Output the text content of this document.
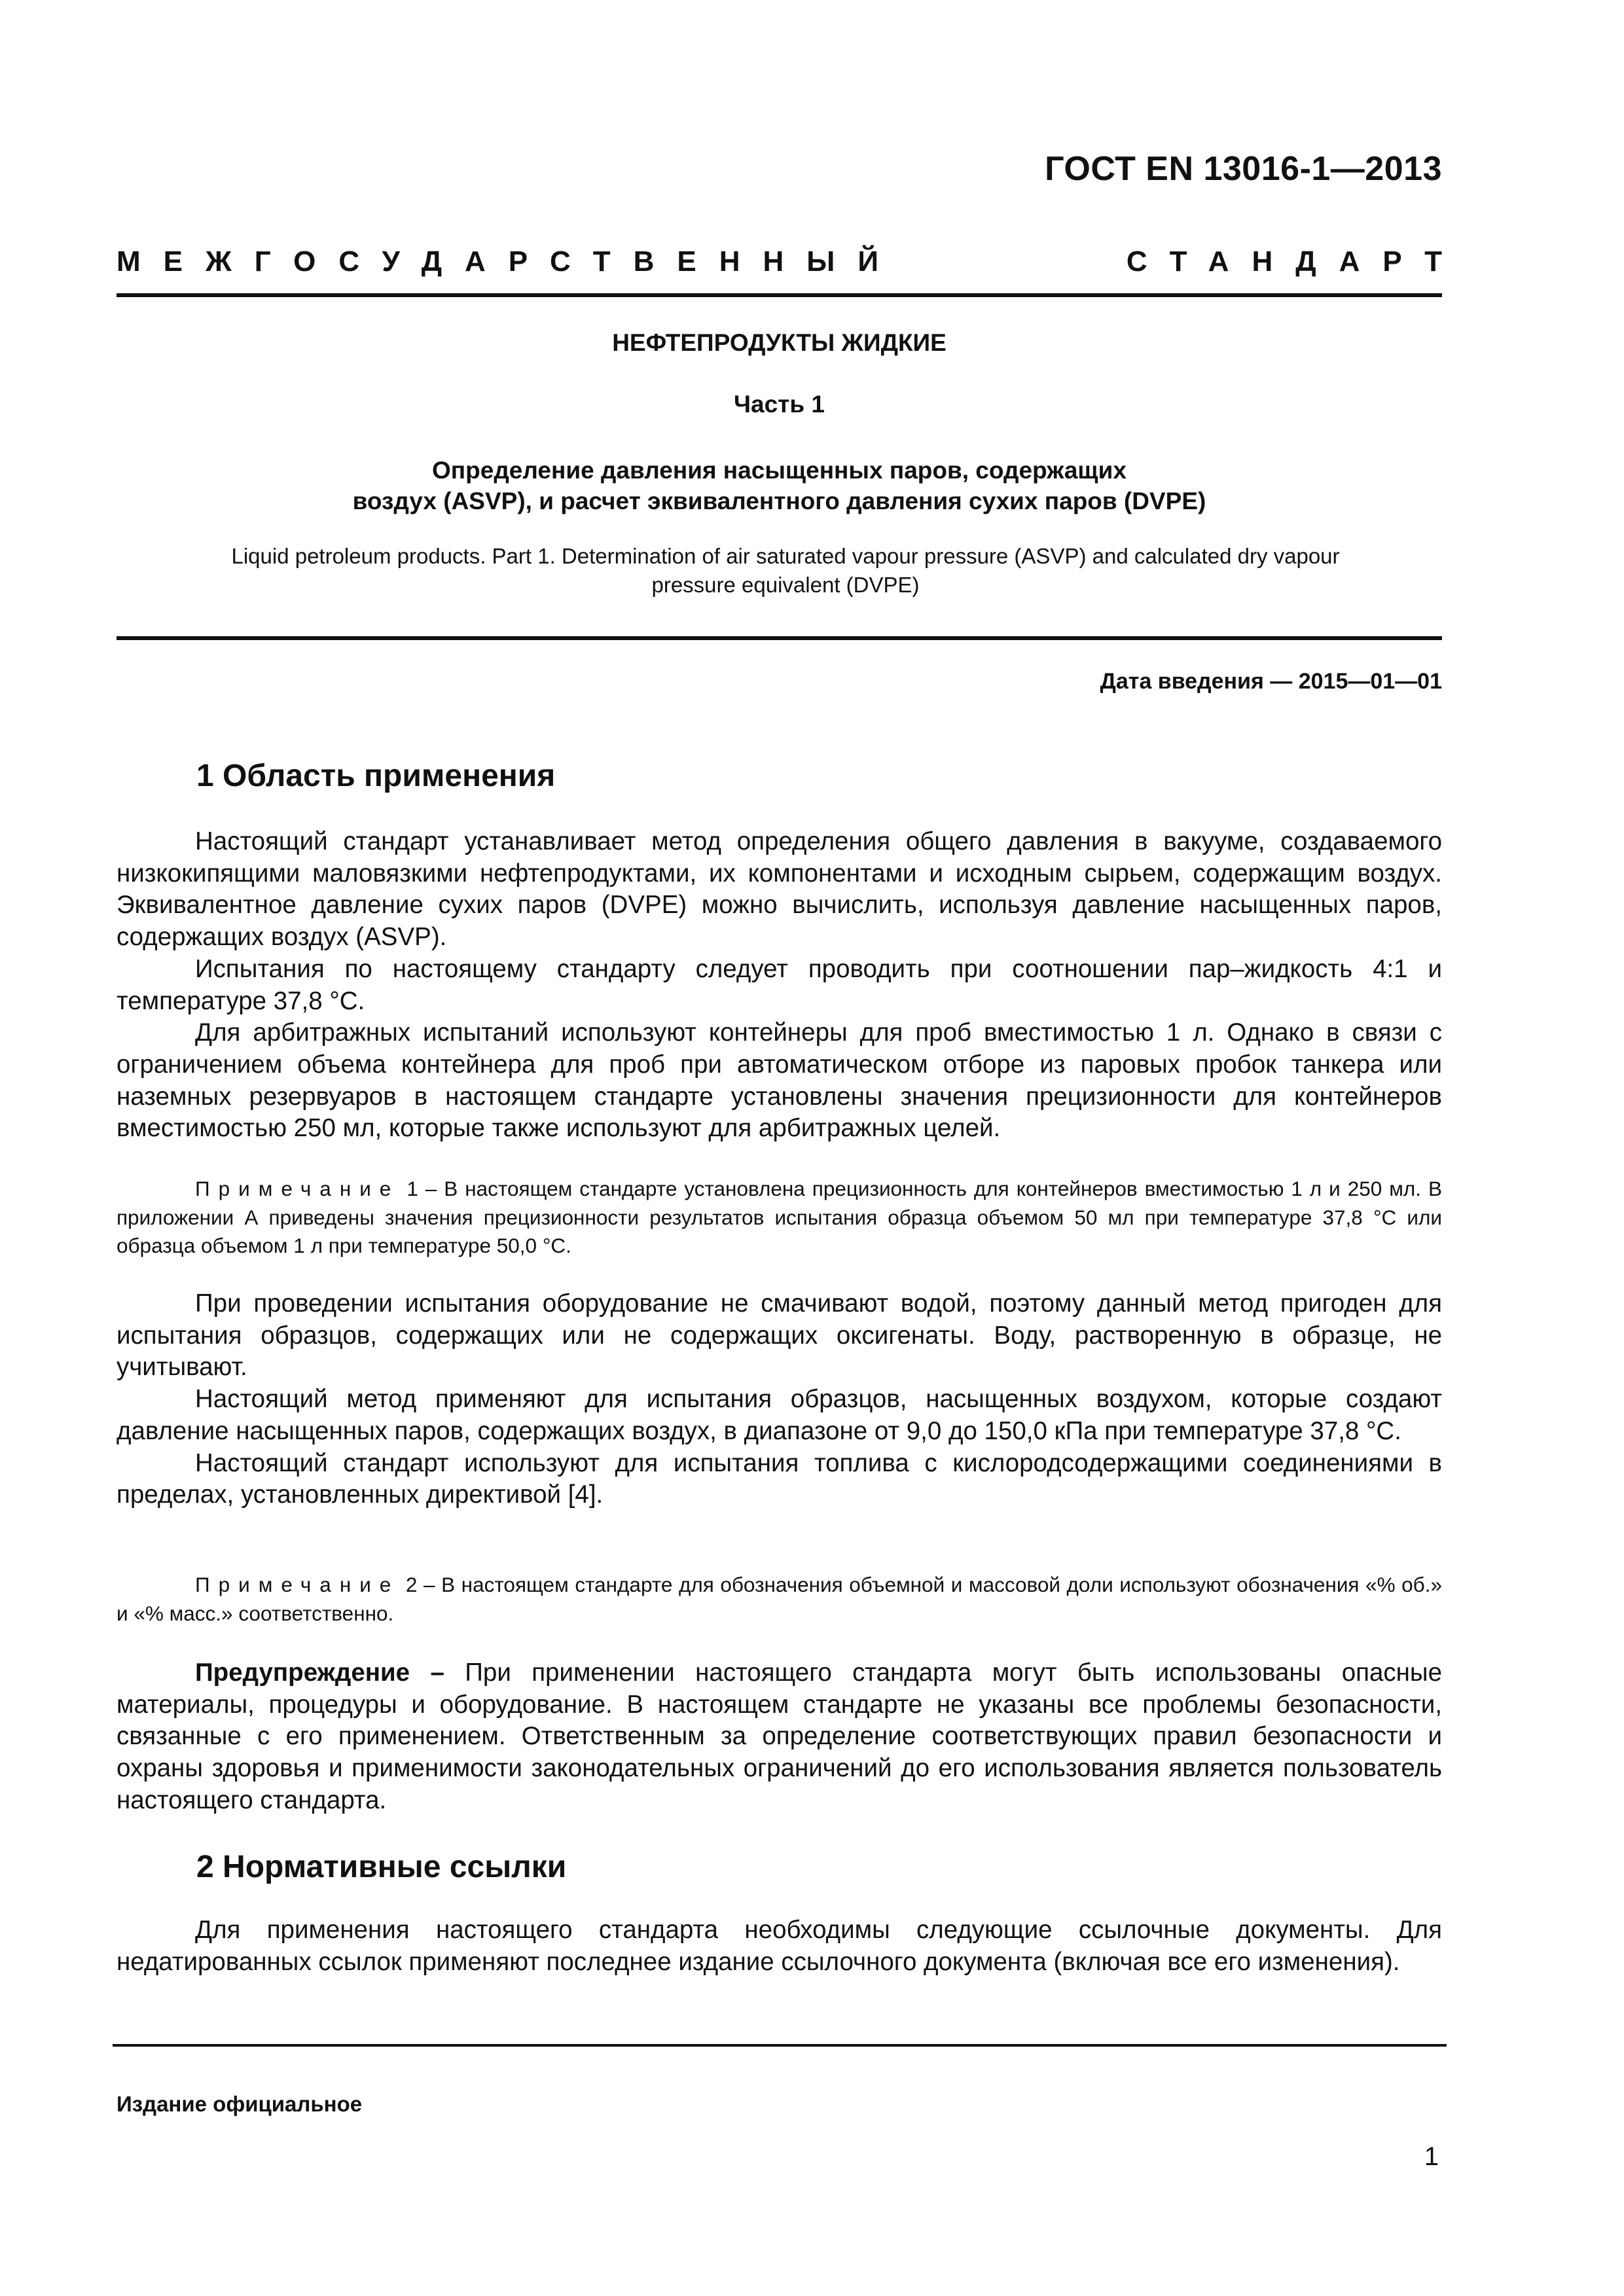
ГОСТ EN 13016-1—2013
МЕЖГОСУДАРСТВЕННЫЙ	СТАНДАРТ
НЕФТЕПРОДУКТЫ ЖИДКИЕ
Часть 1
Определение давления насыщенных паров, содержащих
воздух (ASVP), и расчет эквивалентного давления сухих паров (DVPE)
Liquid petroleum products. Part 1. Determination of air saturated vapour pressure (ASVP) and calculated dry vapour pressure equivalent (DVPE)
Дата введения — 2015—01—01
1 Область применения

Настоящий стандарт устанавливает метод определения общего давления в вакууме, создаваемого низкокипящими маловязкими нефтепродуктами, их компонентами и исходным сырьем, содержащим воздух. Эквивалентное давление сухих паров (DVPE) можно вычислить, используя давление насыщенных паров, содержащих воздух (ASVP).

Испытания по настоящему стандарту следует проводить при соотношении пар–жидкость 4:1 и температуре 37,8 °С.

Для арбитражных испытаний используют контейнеры для проб вместимостью 1 л. Однако в связи с ограничением объема контейнера для проб при автоматическом отборе из паровых пробок танкера или наземных резервуаров в настоящем стандарте установлены значения прецизионности для контейнеров вместимостью 250 мл, которые также используют для арбитражных целей.

Примечание 1 – В настоящем стандарте установлена прецизионность для контейнеров вместимостью 1 л и 250 мл. В приложении А приведены значения прецизионности результатов испытания образца объемом 50 мл при температуре 37,8 °С или образца объемом 1 л при температуре 50,0 °С.

При проведении испытания оборудование не смачивают водой, поэтому данный метод пригоден для испытания образцов, содержащих или не содержащих оксигенаты. Воду, растворенную в образце, не учитывают.

Настоящий метод применяют для испытания образцов, насыщенных воздухом, которые создают давление насыщенных паров, содержащих воздух, в диапазоне от 9,0 до 150,0 кПа при температуре 37,8 °С.

Настоящий стандарт используют для испытания топлива с кислородсодержащими соединениями в пределах, установленных директивой [4].

Примечание 2 – В настоящем стандарте для обозначения объемной и массовой доли используют обозначения «% об.» и «% масс.» соответственно.

Предупреждение – При применении настоящего стандарта могут быть использованы опасные материалы, процедуры и оборудование. В настоящем стандарте не указаны все проблемы безопасности, связанные с его применением. Ответственным за определение соответствующих правил безопасности и охраны здоровья и применимости законодательных ограничений до его использования является пользователь настоящего стандарта.

2 Нормативные ссылки

Для применения настоящего стандарта необходимы следующие ссылочные документы. Для недатированных ссылок применяют последнее издание ссылочного документа (включая все его изменения).

Издание официальное
1
